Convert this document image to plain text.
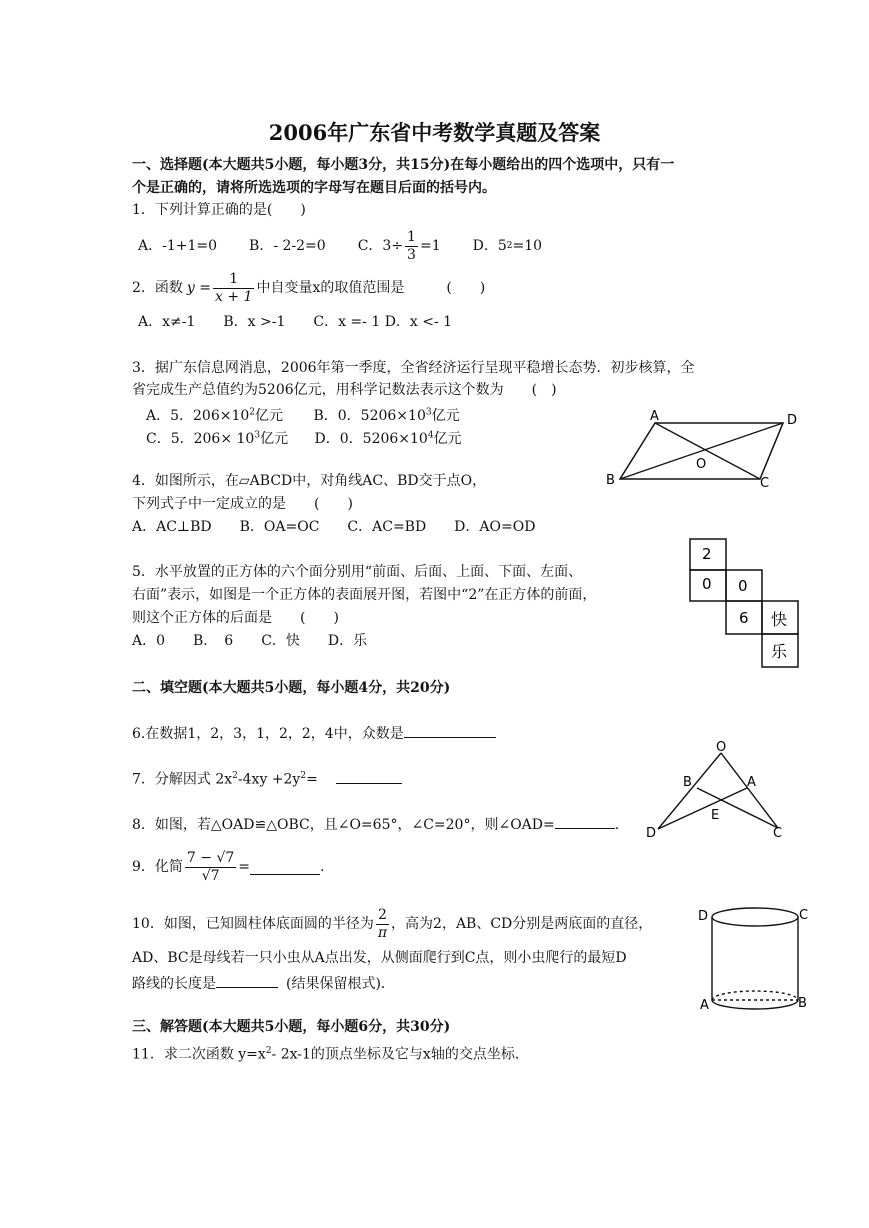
2006年广东省中考数学真题及答案
一、选择题(本大题共5小题，每小题3分，共15分)在每小题给出的四个选项中，只有一
个是正确的，请将所选选项的字母写在题目后面的括号内。
1．下列计算正确的是(　　)
A．-1+1=0 B．- 2-2=0 C．$3\div \frac{1}{3} =1$ D．5 2 =10
2．函数 $y = \frac{1}{x + 1}$ 中自变量x的取值范围是　　　(　　)
A．x≠-1　　B．x >-1　　C．x =- 1 D．x <- 1
3．据广东信息网消息，2006年第一季度，全省经济运行呈现平稳增长态势．初步核算，全
省完成生产总值约为5206亿元，用科学记数法表示这个数为　　(　)
A．5．$206\times 10^2$亿元 B．0．$5206\times 10^3$亿元
C．5．$206\times 10^3$亿元 D．0．$5206\times 10^4$亿元
4．如图所示，在▱ABCD中，对角线AC、BD交于点O，
下列式子中一定成立的是　　(　　)
A．AC⊥BD　　B．OA=OC　　C．AC=BD　　D．AO=OD
A	D
B	C
O
5．水平放置的正方体的六个面分别用“前面、后面、上面、下面、左面、
右面”表示，如图是一个正方体的表面展开图，若图中“2”在正方体的前面，
则这个正方体的后面是　　(　　)
A．0　　B．　6　　C．快　　D．乐
2
0 0
6 快
乐
二、填空题(本大题共5小题，每小题4分，共20分)
6.在数据1，2，3，1，2，2，4中，众数是
7．分解因式 $2x^2-4xy +2y^2=$
8．如图，若△OAD≌△OBC，且∠O=65°，∠C=20°，则∠OAD=	.
O
B	A
E
D	C
9．化简 $\frac{7 - √7}{√7}$ =	.
10．如图，已知圆柱体底面圆的半径为 $\frac{2}{\pi}$ ，高为2，AB、CD分别是两底面的直径，
AD、BC是母线若一只小虫从A点出发，从侧面爬行到C点，则小虫爬行的最短D
路线的长度是	(结果保留根式)．
D	C
A	B
三、解答题(本大题共5小题，每小题6分，共30分)
11．求二次函数 $y=x^2-$ 2x-1的顶点坐标及它与x轴的交点坐标．
